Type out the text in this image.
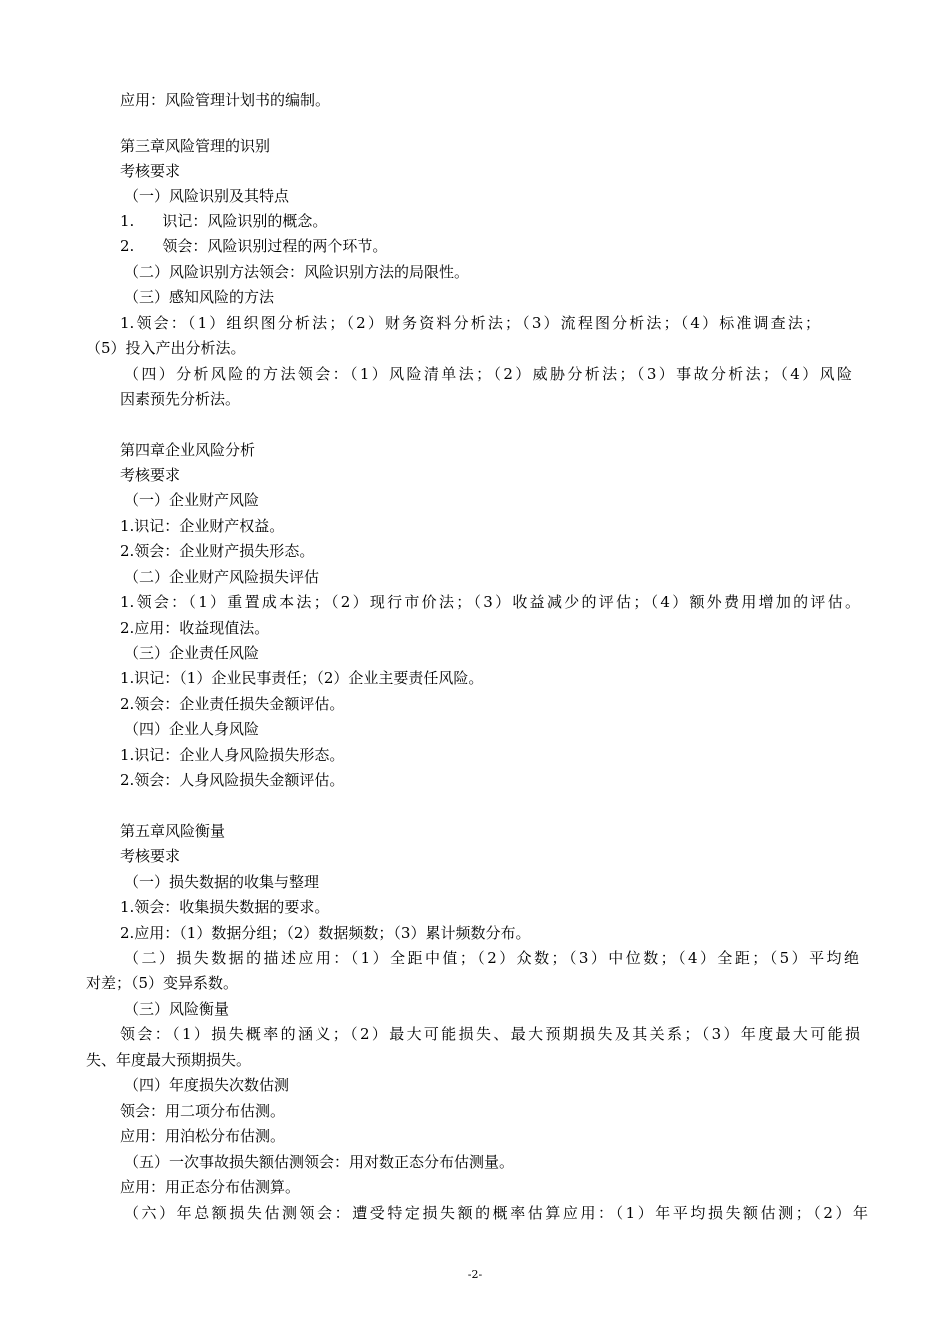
应用：风险管理计划书的编制。
第三章风险管理的识别
考核要求
（一）风险识别及其特点
1. 识记：风险识别的概念。
2. 领会：风险识别过程的两个环节。
（二）风险识别方法领会：风险识别方法的局限性。
（三）感知风险的方法
1.领会：（1）组织图分析法；（2）财务资料分析法；（3）流程图分析法；（4）标准调查法；
（5）投入产出分析法。
（四）分析风险的方法领会：（1）风险清单法；（2）威胁分析法；（3）事故分析法；（4）风险
因素预先分析法。
第四章企业风险分析
考核要求
（一）企业财产风险
1.识记：企业财产权益。
2.领会：企业财产损失形态。
（二）企业财产风险损失评估
1.领会：（1）重置成本法；（2）现行市价法；（3）收益减少的评估；（4）额外费用增加的评估。
2.应用：收益现值法。
（三）企业责任风险
1.识记：（1）企业民事责任；（2）企业主要责任风险。
2.领会：企业责任损失金额评估。
（四）企业人身风险
1.识记：企业人身风险损失形态。
2.领会：人身风险损失金额评估。
第五章风险衡量
考核要求
（一）损失数据的收集与整理
1.领会：收集损失数据的要求。
2.应用：（1）数据分组；（2）数据频数；（3）累计频数分布。
（二）损失数据的描述应用：（1）全距中值；（2）众数；（3）中位数；（4）全距；（5）平均绝
对差；（5）变异系数。
（三）风险衡量
领会：（1）损失概率的涵义；（2）最大可能损失、最大预期损失及其关系；（3）年度最大可能损
失、年度最大预期损失。
（四）年度损失次数估测
领会：用二项分布估测。
应用：用泊松分布估测。
（五）一次事故损失额估测领会：用对数正态分布估测量。
应用：用正态分布估测算。
（六）年总额损失估测领会：遭受特定损失额的概率估算应用：（1）年平均损失额估测；（2）年
-2-
